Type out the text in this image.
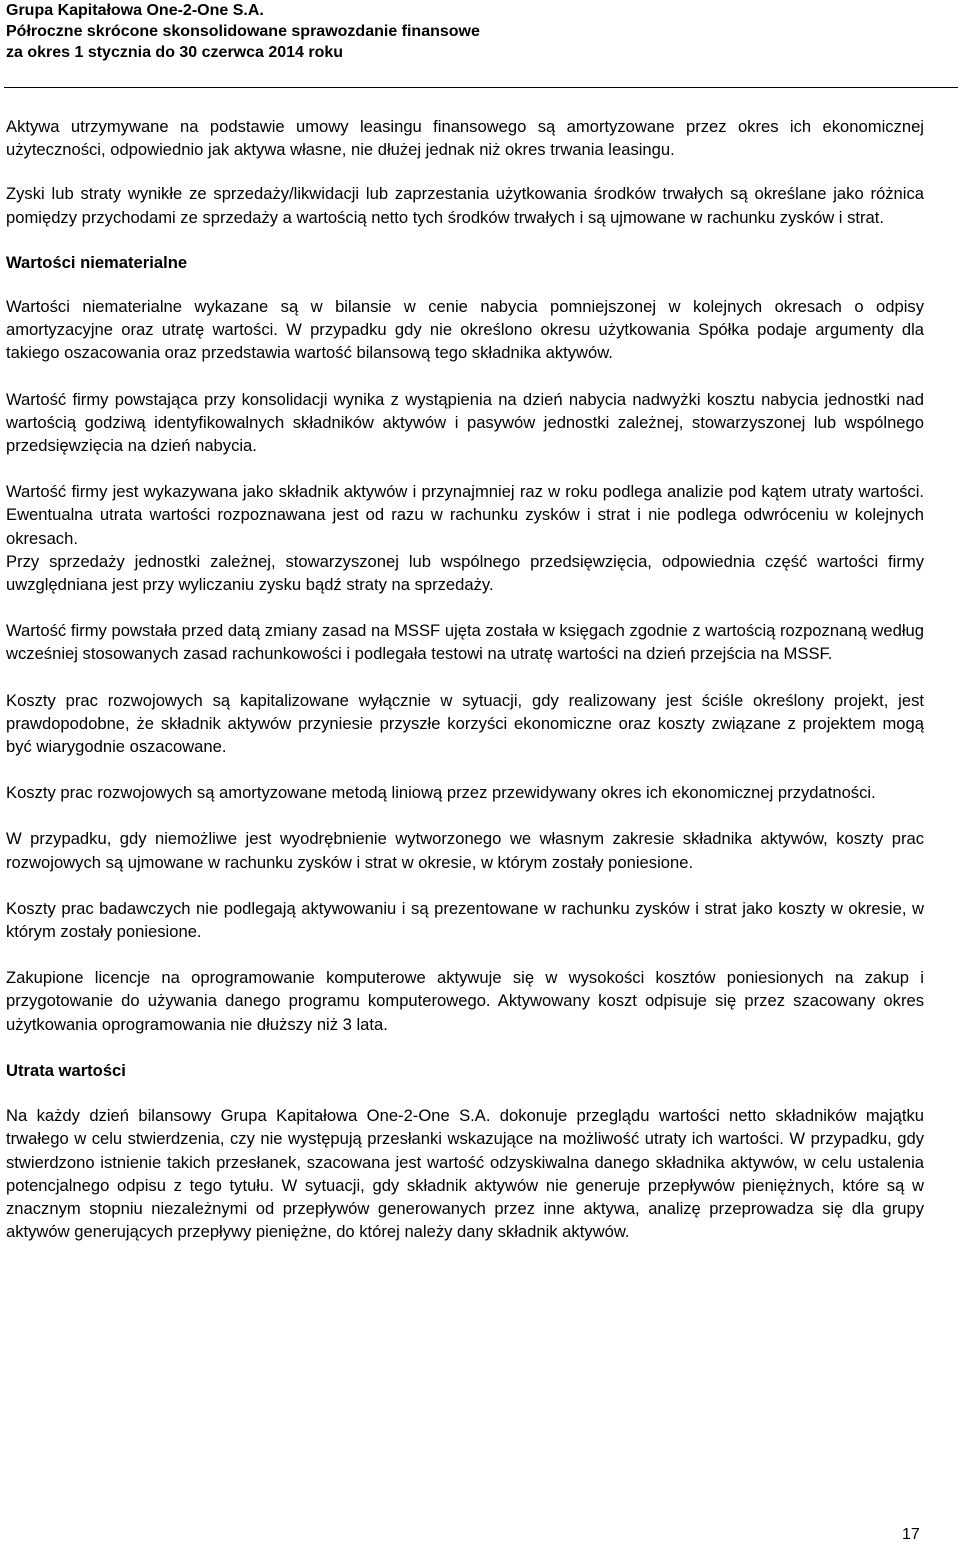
Grupa Kapitałowa One-2-One S.A.
Półroczne skrócone skonsolidowane sprawozdanie finansowe
za okres 1 stycznia do 30 czerwca 2014 roku

Aktywa utrzymywane na podstawie umowy leasingu finansowego są amortyzowane przez okres ich ekonomicznej użyteczności, odpowiednio jak aktywa własne, nie dłużej jednak niż okres trwania leasingu.

Zyski lub straty wynikłe ze sprzedaży/likwidacji lub zaprzestania użytkowania środków trwałych są określane jako różnica pomiędzy przychodami ze sprzedaży a wartością netto tych środków trwałych i są ujmowane w rachunku zysków i strat.

Wartości niematerialne

Wartości niematerialne wykazane są w bilansie w cenie nabycia pomniejszonej w kolejnych okresach o odpisy amortyzacyjne oraz utratę wartości. W przypadku gdy nie określono okresu użytkowania Spółka podaje argumenty dla takiego oszacowania oraz przedstawia wartość bilansową tego składnika aktywów.

Wartość firmy powstająca przy konsolidacji wynika z wystąpienia na dzień nabycia nadwyżki kosztu nabycia jednostki nad wartością godziwą identyfikowalnych składników aktywów i pasywów jednostki zależnej, stowarzyszonej lub wspólnego przedsięwzięcia na dzień nabycia.

Wartość firmy jest wykazywana jako składnik aktywów i przynajmniej raz w roku podlega analizie pod kątem utraty wartości. Ewentualna utrata wartości rozpoznawana jest od razu w rachunku zysków i strat i nie podlega odwróceniu w kolejnych okresach.

Przy sprzedaży jednostki zależnej, stowarzyszonej lub wspólnego przedsięwzięcia, odpowiednia część wartości firmy uwzględniana jest przy wyliczaniu zysku bądź straty na sprzedaży.

Wartość firmy powstała przed datą zmiany zasad na MSSF ujęta została w księgach zgodnie z wartością rozpoznaną według wcześniej stosowanych zasad rachunkowości i podlegała testowi na utratę wartości na dzień przejścia na MSSF.

Koszty prac rozwojowych są kapitalizowane wyłącznie w sytuacji, gdy realizowany jest ściśle określony projekt, jest prawdopodobne, że składnik aktywów przyniesie przyszłe korzyści ekonomiczne oraz koszty związane z projektem mogą być wiarygodnie oszacowane.

Koszty prac rozwojowych są amortyzowane metodą liniową przez przewidywany okres ich ekonomicznej przydatności.

W przypadku, gdy niemożliwe jest wyodrębnienie wytworzonego we własnym zakresie składnika aktywów, koszty prac rozwojowych są ujmowane w rachunku zysków i strat w okresie, w którym zostały poniesione.

Koszty prac badawczych nie podlegają aktywowaniu i są prezentowane w rachunku zysków i strat jako koszty w okresie, w którym zostały poniesione.

Zakupione licencje na oprogramowanie komputerowe aktywuje się w wysokości kosztów poniesionych na zakup i przygotowanie do używania danego programu komputerowego. Aktywowany koszt odpisuje się przez szacowany okres użytkowania oprogramowania nie dłuższy niż 3 lata.

Utrata wartości

Na każdy dzień bilansowy Grupa Kapitałowa One-2-One S.A. dokonuje przeglądu wartości netto składników majątku trwałego w celu stwierdzenia, czy nie występują przesłanki wskazujące na możliwość utraty ich wartości. W przypadku, gdy stwierdzono istnienie takich przesłanek, szacowana jest wartość odzyskiwalna danego składnika aktywów, w celu ustalenia potencjalnego odpisu z tego tytułu. W sytuacji, gdy składnik aktywów nie generuje przepływów pieniężnych, które są w znacznym stopniu niezależnymi od przepływów generowanych przez inne aktywa, analizę przeprowadza się dla grupy aktywów generujących przepływy pieniężne, do której należy dany składnik aktywów.

17
